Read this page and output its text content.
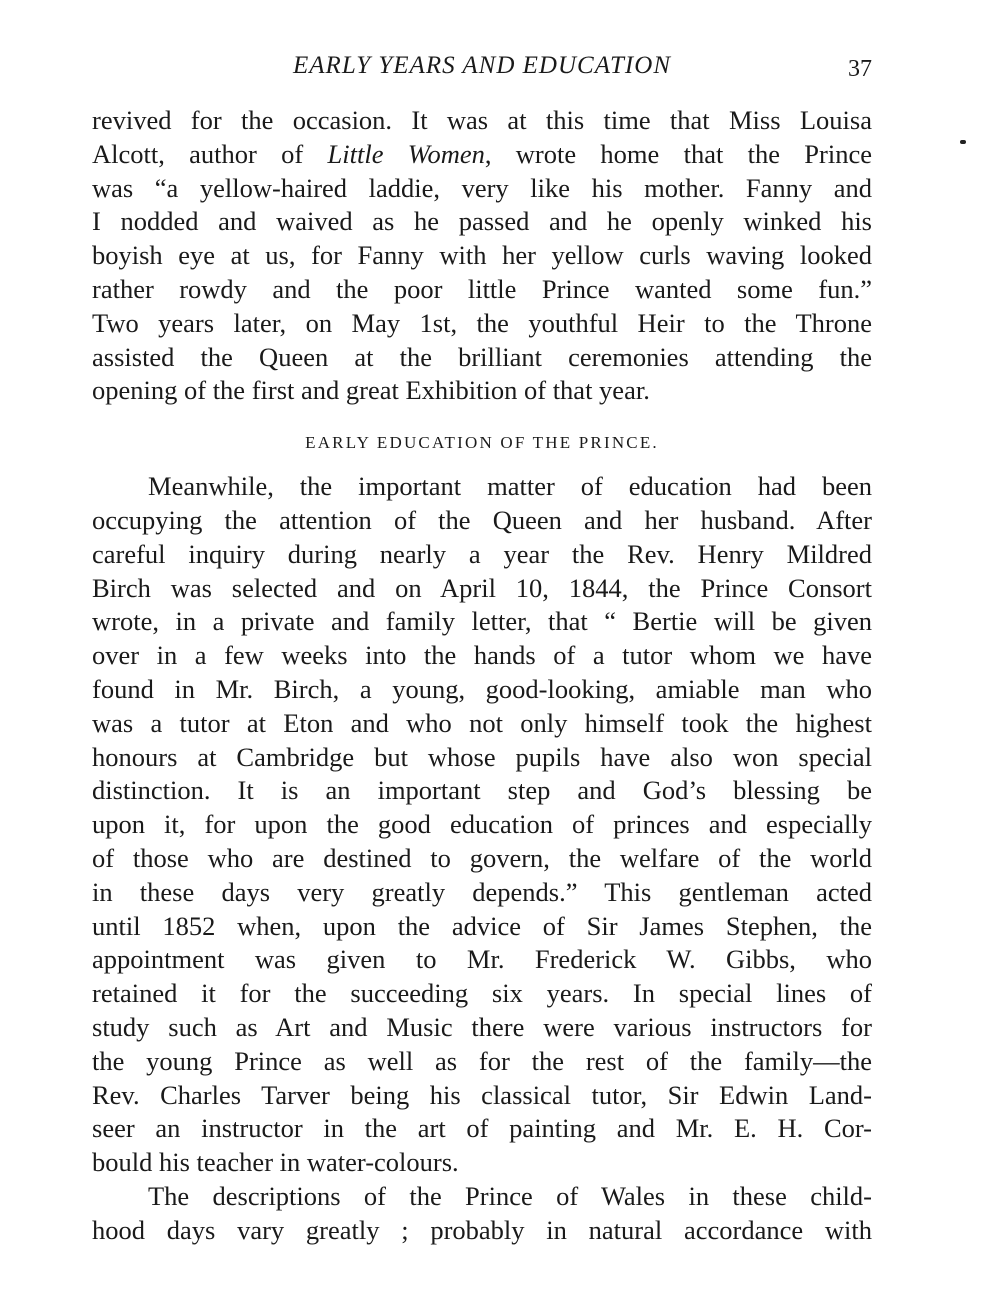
EARLY YEARS AND EDUCATION	37

revived for the occasion. It was at this time that Miss Louisa
Alcott, author of Little Women, wrote home that the Prince
was “a yellow-haired laddie, very like his mother. Fanny and
I nodded and waived as he passed and he openly winked his
boyish eye at us, for Fanny with her yellow curls waving looked
rather rowdy and the poor little Prince wanted some fun.”
Two years later, on May 1st, the youthful Heir to the Throne
assisted the Queen at the brilliant ceremonies attending the
opening of the first and great Exhibition of that year.

EARLY EDUCATION OF THE PRINCE.

Meanwhile, the important matter of education had been
occupying the attention of the Queen and her husband. After
careful inquiry during nearly a year the Rev. Henry Mildred
Birch was selected and on April 10, 1844, the Prince Consort
wrote, in a private and family letter, that “ Bertie will be given
over in a few weeks into the hands of a tutor whom we have
found in Mr. Birch, a young, good-looking, amiable man who
was a tutor at Eton and who not only himself took the highest
honours at Cambridge but whose pupils have also won special
distinction. It is an important step and God’s blessing be
upon it, for upon the good education of princes and especially
of those who are destined to govern, the welfare of the world
in these days very greatly depends.” This gentleman acted
until 1852 when, upon the advice of Sir James Stephen, the
appointment was given to Mr. Frederick W. Gibbs, who
retained it for the succeeding six years. In special lines of
study such as Art and Music there were various instructors for
the young Prince as well as for the rest of the family—the
Rev. Charles Tarver being his classical tutor, Sir Edwin Land-
seer an instructor in the art of painting and Mr. E. H. Cor-
bould his teacher in water-colours.

The descriptions of the Prince of Wales in these child-
hood days vary greatly ; probably in natural accordance with
